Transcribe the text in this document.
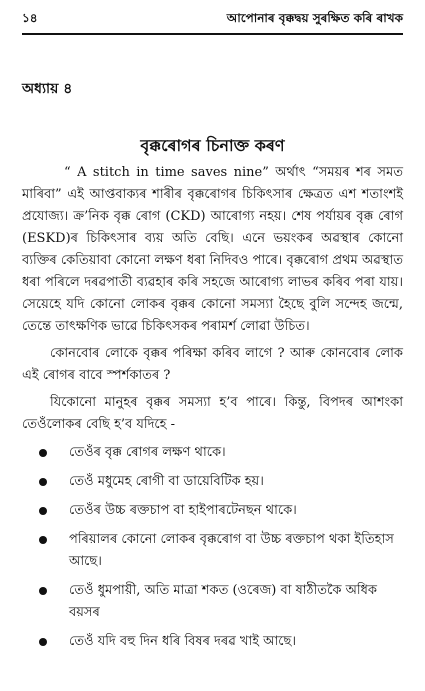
১৪	আপোনাৰ বৃক্কদ্বয় সুৰক্ষিত কৰি ৰাখক
অধ্যায় ৪
বৃক্কৰোগৰ চিনাক্ত কৰণ

“ A stitch in time saves nine” অৰ্থাৎ “সময়ৰ শৰ সমত মাৰিবা” এই আপ্তবাক্যৰ শাৰীৰ বৃক্কৰোগৰ চিকিৎসাৰ ক্ষেত্ৰত এশ শতাংশই প্ৰযোজ্য। ক্ৰ’নিক বৃক্ক ৰোগ (CKD) আৰোগ্য নহয়। শেষ পৰ্যায়ৰ বৃক্ক ৰোগ (ESKD)ৰ চিকিৎসাৰ ব্যয় অতি বেছি। এনে ভয়ংকৰ অৱস্থাৰ কোনো ব্যক্তিৰ কেতিয়াবা কোনো লক্ষণ ধৰা নিদিবও পাৰে। বৃক্কৰোগ প্ৰথম অৱস্থাত ধৰা পৰিলে দৰৱপাতী ব্যৱহাৰ কৰি সহজে আৰোগ্য লাভৰ কৰিব পৰা যায়। সেয়েহে যদি কোনো লোকৰ বৃক্কৰ কোনো সমস্যা হৈছে বুলি সন্দেহ জন্মে, তেন্তে তাৎক্ষণিক ভাৱে চিকিৎসকৰ পৰামৰ্শ লোৱা উচিত।

কোনবোৰ লোকে বৃক্কৰ পৰিক্ষা কৰিব লাগে ? আৰু কোনবোৰ লোক এই ৰোগৰ বাবে স্পৰ্শকাতৰ ?

যিকোনো মানুহৰ বৃক্কৰ সমস্যা হ’ব পাৰে। কিন্তু, বিপদৰ আশংকা তেওঁলোকৰ বেছি হ’ব যদিহে -

তেওঁৰ বৃক্ক ৰোগৰ লক্ষণ থাকে।
তেওঁ মধুমেহ ৰোগী বা ডায়েবিটিক হয়।
তেওঁৰ উচ্চ ৰক্তচাপ বা হাইপাৰটেনছন থাকে।
পৰিয়ালৰ কোনো লোকৰ বৃক্কৰোগ বা উচ্চ ৰক্তচাপ থকা ইতিহাস আছে।
তেওঁ ধুমপায়ী, অতি মাত্ৰা শকত (ওৰেজ) বা ষাঠীতকৈ অধিক বয়সৰ
তেওঁ যদি বহু দিন ধৰি বিষৰ দৰৱ খাই আছে।
